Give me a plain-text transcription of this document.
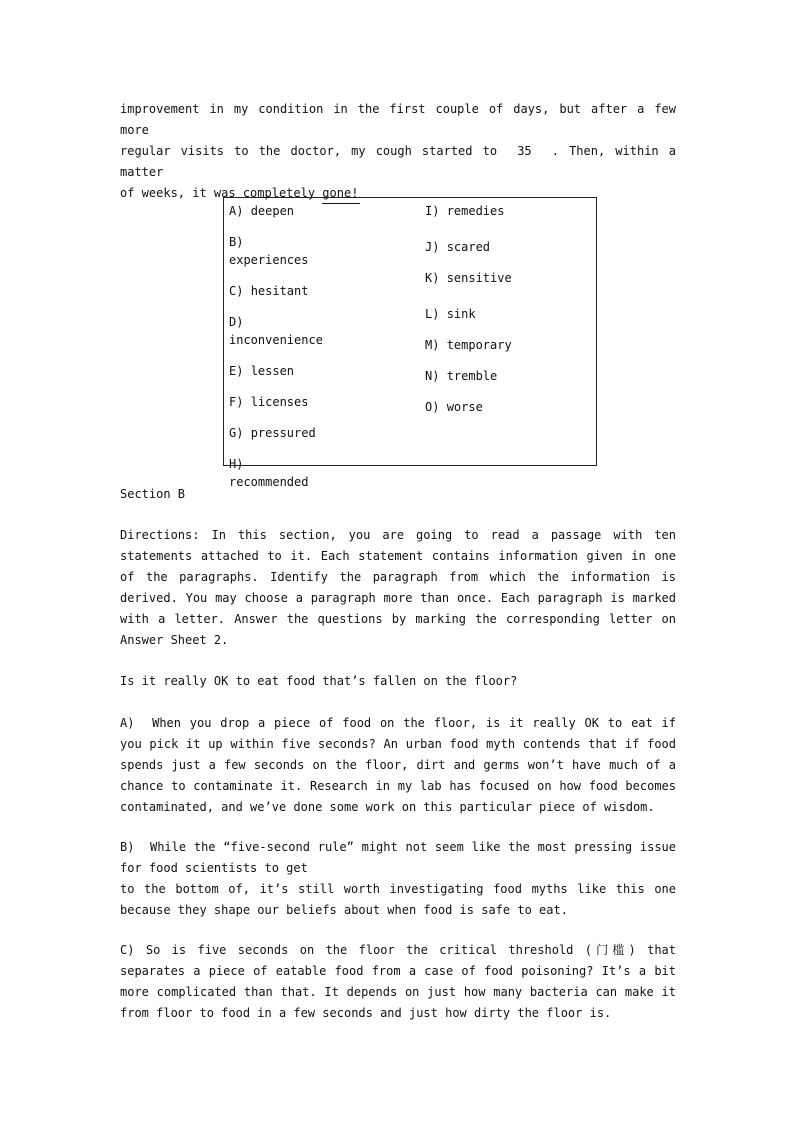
improvement in my condition in the first couple of days, but after a few more

regular visits to the doctor, my cough started to 35 . Then, within a matter

of weeks, it was completely gone!

A) deepen
B)
experiences
C) hesitant
D)
inconvenience
E) lessen
F) licenses
G) pressured
H)
recommended
I) remedies
J) scared
K) sensitive
L) sink
M) temporary
N) tremble
O) worse

Section B

Directions: In this section, you are going to read a passage with ten statements attached to it. Each statement contains information given in one of the paragraphs. Identify the paragraph from which the information is derived. You may choose a paragraph more than once. Each paragraph is marked with a letter. Answer the questions by marking the corresponding letter on Answer Sheet 2.

Is it really OK to eat food that’s fallen on the floor?

A) When you drop a piece of food on the floor, is it really OK to eat if you pick it up within five seconds? An urban food myth contends that if food spends just a few seconds on the floor, dirt and germs won’t have much of a chance to contaminate it. Research in my lab has focused on how food becomes contaminated, and we’ve done some work on this particular piece of wisdom.

B) While the “five-second rule” might not seem like the most pressing issue for food scientists to get

to the bottom of, it’s still worth investigating food myths like this one because they shape our beliefs about when food is safe to eat.

C) So is five seconds on the floor the critical threshold (门槛) that separates a piece of eatable food from a case of food poisoning? It’s a bit more complicated than that. It depends on just how many bacteria can make it from floor to food in a few seconds and just how dirty the floor is.
